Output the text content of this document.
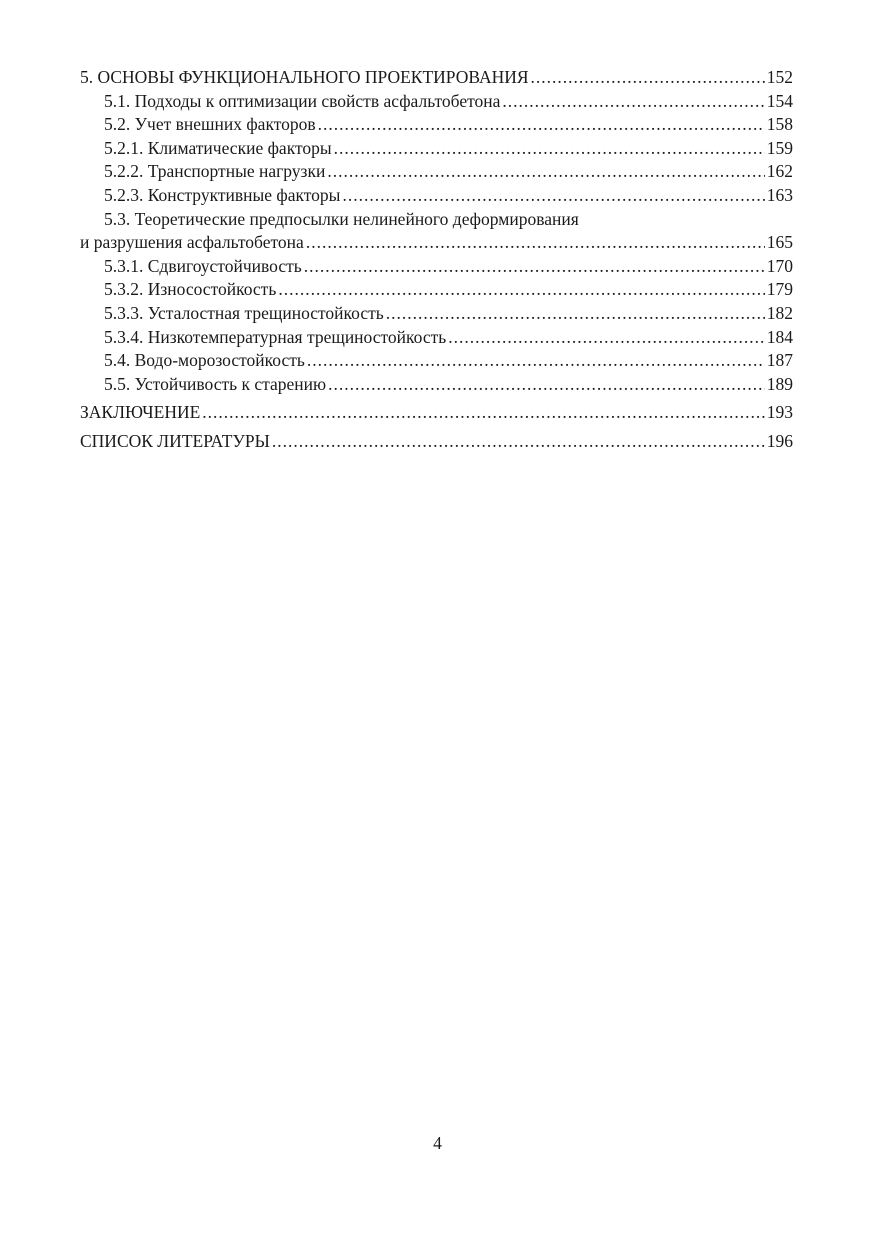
5. ОСНОВЫ ФУНКЦИОНАЛЬНОГО ПРОЕКТИРОВАНИЯ .....	152
5.1. Подходы к оптимизации свойств асфальтобетона .....	154
5.2. Учет внешних факторов .....	158
5.2.1. Климатические факторы .....	159
5.2.2. Транспортные нагрузки .....	162
5.2.3. Конструктивные факторы .....	163
5.3. Теоретические предпосылки нелинейного деформирования
и разрушения асфальтобетона .....	165
5.3.1. Сдвигоустойчивость .....	170
5.3.2. Износостойкость .....	179
5.3.3. Усталостная трещиностойкость .....	182
5.3.4. Низкотемпературная трещиностойкость .....	184
5.4. Водо-морозостойкость .....	187
5.5. Устойчивость к старению .....	189
ЗАКЛЮЧЕНИЕ .....	193
СПИСОК ЛИТЕРАТУРЫ .....	196
4
